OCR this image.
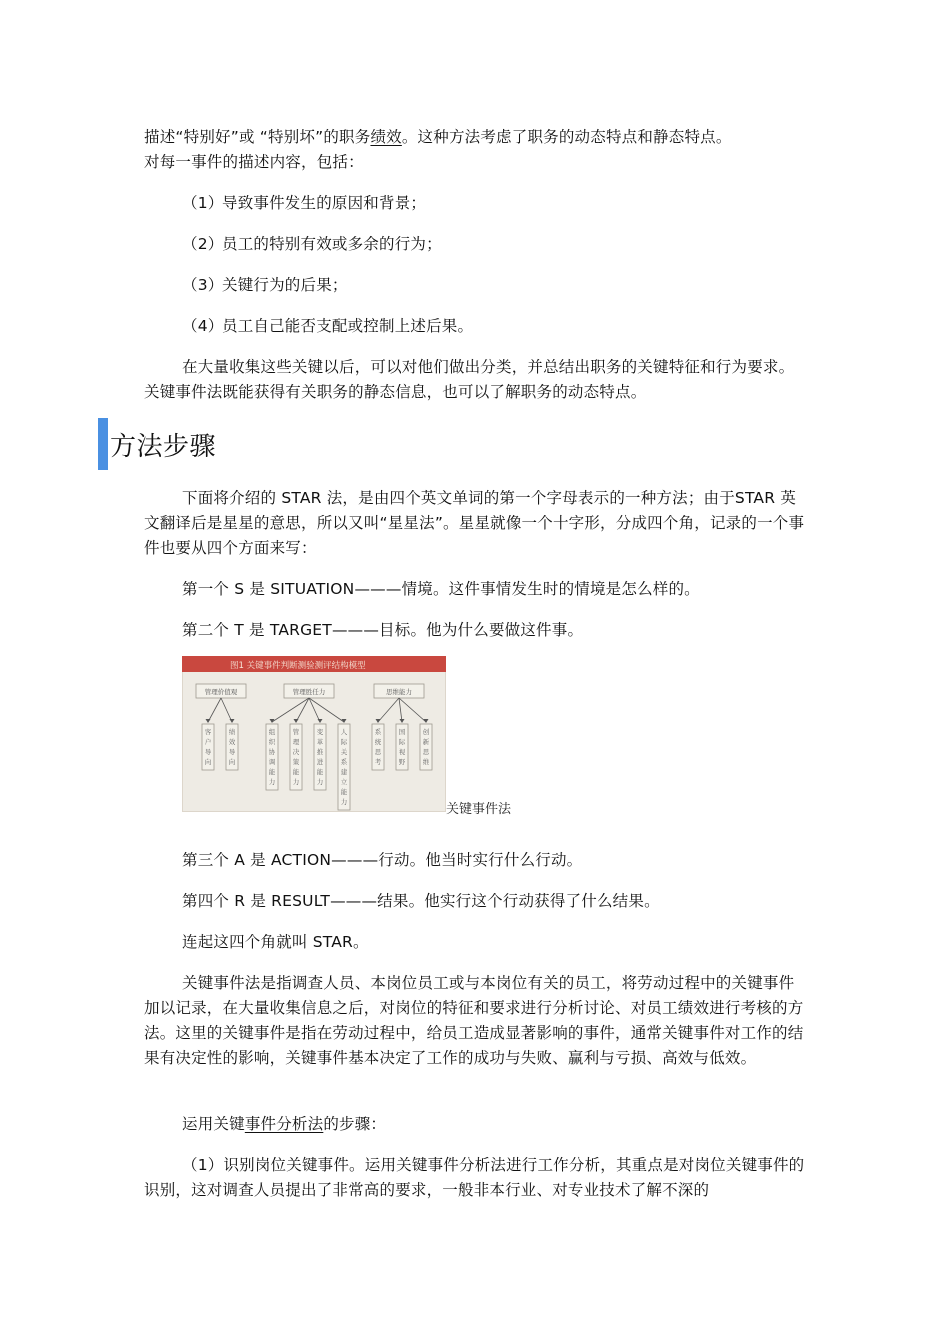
描述“特别好”或 “特别坏”的职务绩效。这种方法考虑了职务的动态特点和静态特点。
对每一事件的描述内容，包括：

（1）导致事件发生的原因和背景；

（2）员工的特别有效或多余的行为；

（3）关键行为的后果；

（4）员工自己能否支配或控制上述后果。

在大量收集这些关键以后，可以对他们做出分类，并总结出职务的关键特征和行为要求。关键事件法既能获得有关职务的静态信息，也可以了解职务的动态特点。

方法步骤

下面将介绍的 STAR 法，是由四个英文单词的第一个字母表示的一种方法；由于STAR 英文翻译后是星星的意思，所以又叫“星星法”。星星就像一个十字形，分成四个角，记录的一个事件也要从四个方面来写：

第一个 S 是 SITUATION———情境。这件事情发生时的情境是怎么样的。

第二个 T 是 TARGET———目标。他为什么要做这件事。

图1 关键事件判断测验测评结构模型
管理价值观
客户导向
绩效导向
管理胜任力
组织协调能力
管理决策能力
变革推进能力
人际关系建立能力
思维能力
系统思考
国际视野
创新思维
关键事件法

第三个 A 是 ACTION———行动。他当时实行什么行动。

第四个 R 是 RESULT———结果。他实行这个行动获得了什么结果。

连起这四个角就叫 STAR。

关键事件法是指调查人员、本岗位员工或与本岗位有关的员工，将劳动过程中的关键事件加以记录，在大量收集信息之后，对岗位的特征和要求进行分析讨论、对员工绩效进行考核的方法。这里的关键事件是指在劳动过程中，给员工造成显著影响的事件，通常关键事件对工作的结果有决定性的影响，关键事件基本决定了工作的成功与失败、赢利与亏损、高效与低效。

运用关键事件分析法的步骤：

（1）识别岗位关键事件。运用关键事件分析法进行工作分析，其重点是对岗位关键事件的识别，这对调查人员提出了非常高的要求，一般非本行业、对专业技术了解不深的
